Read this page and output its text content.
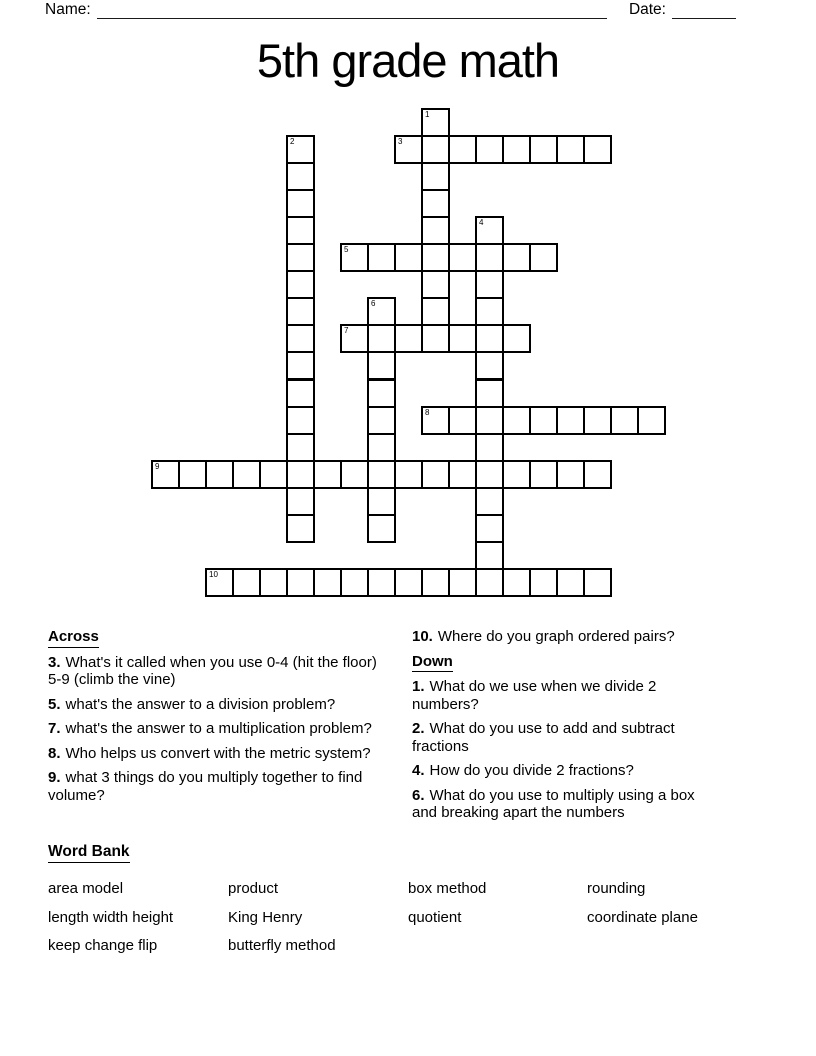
Name:	Date:
5th grade math
1
2	3
4
5
6
7
8
9
10
Across

3. What's it called when you use 0-4 (hit the floor) 5-9 (climb the vine)

5. what's the answer to a division problem?

7. what's the answer to a multiplication problem?

8. Who helps us convert with the metric system?

9. what 3 things do you multiply together to find volume?

10. Where do you graph ordered pairs?

Down

1. What do we use when we divide 2 numbers?

2. What do you use to add and subtract fractions

4. How do you divide 2 fractions?

6. What do you use to multiply using a box and breaking apart the numbers

Word Bank
area model	product	box method	rounding
length width height	King Henry	quotient	coordinate plane
keep change flip	butterfly method
